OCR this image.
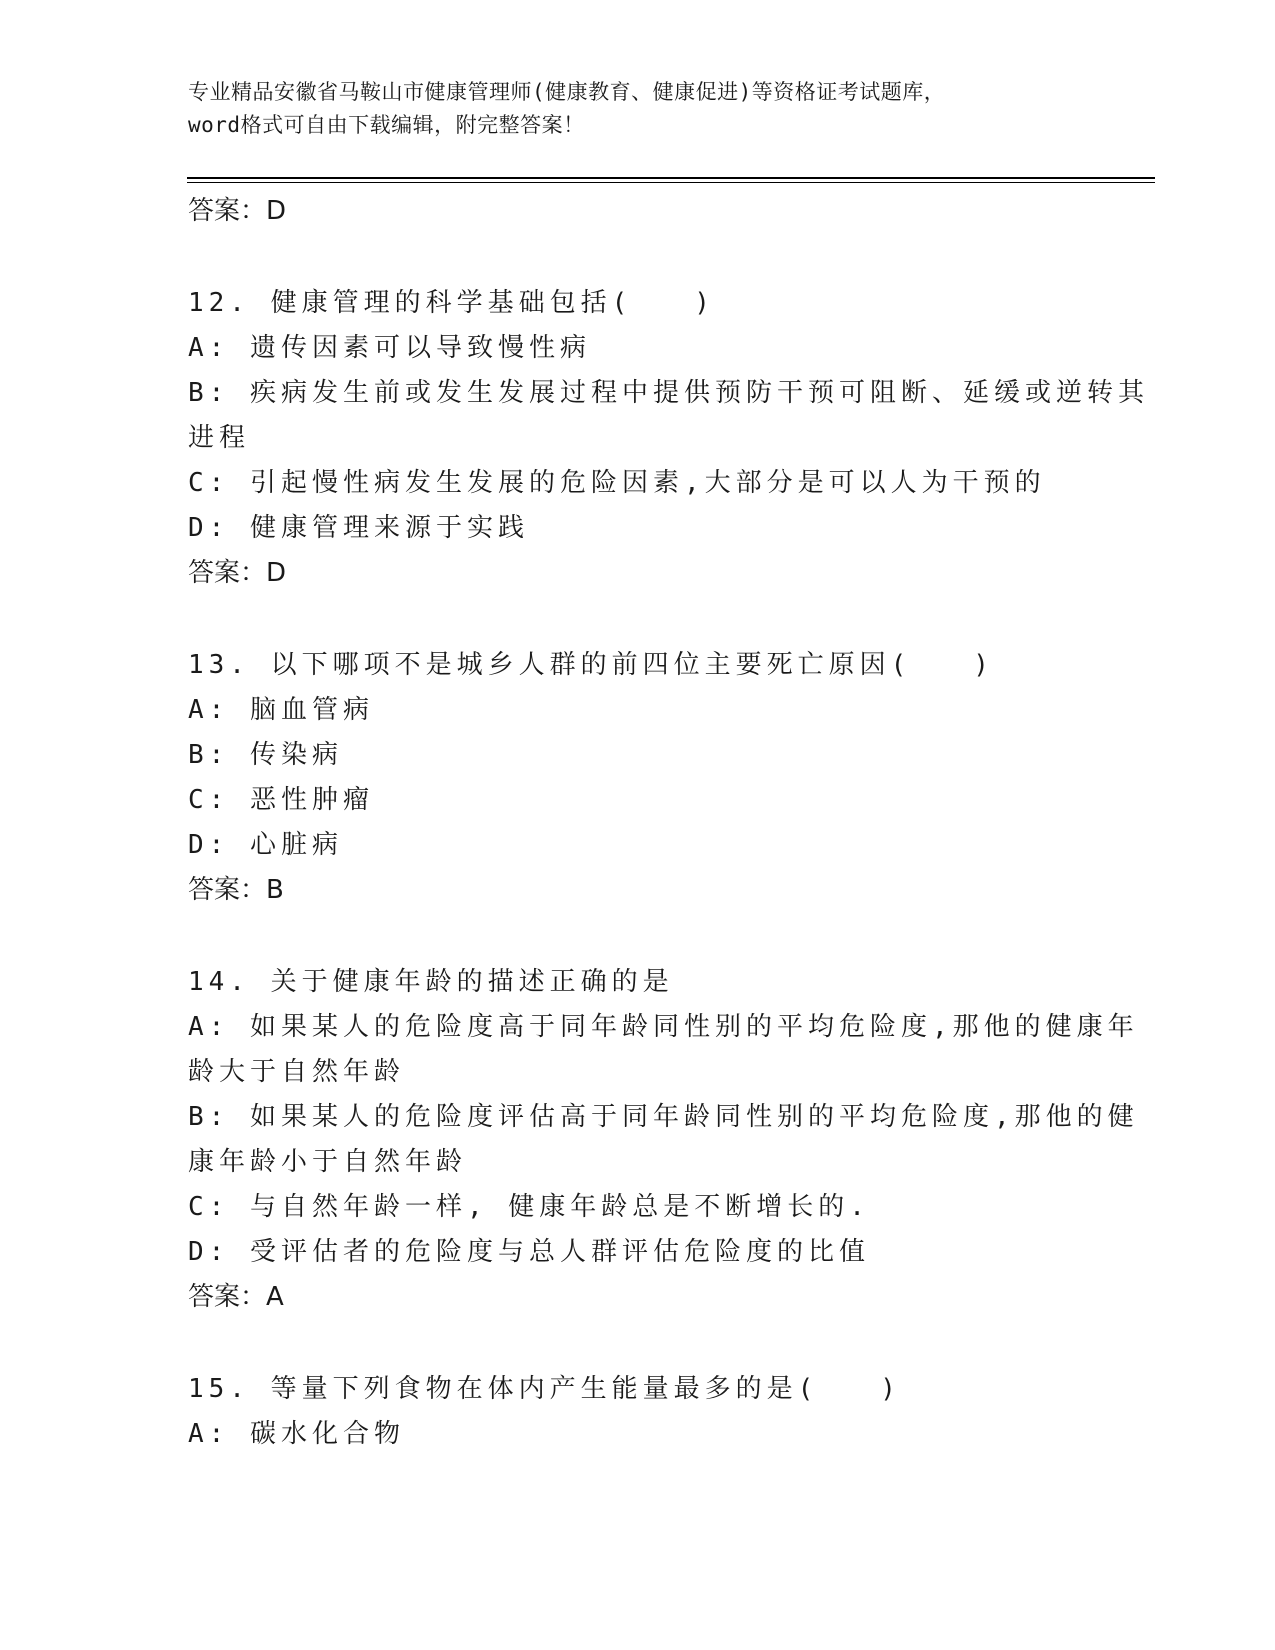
专业精品安徽省马鞍山市健康管理师(健康教育、健康促进)等资格证考试题库，
word格式可自由下载编辑，附完整答案！
答案：D
12. 健康管理的科学基础包括(　　)
A: 遗传因素可以导致慢性病
B: 疾病发生前或发生发展过程中提供预防干预可阻断、延缓或逆转其
进程
C: 引起慢性病发生发展的危险因素,大部分是可以人为干预的
D: 健康管理来源于实践
答案：D
13. 以下哪项不是城乡人群的前四位主要死亡原因(　　)
A: 脑血管病
B: 传染病
C: 恶性肿瘤
D: 心脏病
答案：B
14. 关于健康年龄的描述正确的是
A: 如果某人的危险度高于同年龄同性别的平均危险度,那他的健康年
龄大于自然年龄
B: 如果某人的危险度评估高于同年龄同性别的平均危险度,那他的健
康年龄小于自然年龄
C: 与自然年龄一样, 健康年龄总是不断增长的.
D: 受评估者的危险度与总人群评估危险度的比值
答案：A
15. 等量下列食物在体内产生能量最多的是(　　)
A: 碳水化合物
